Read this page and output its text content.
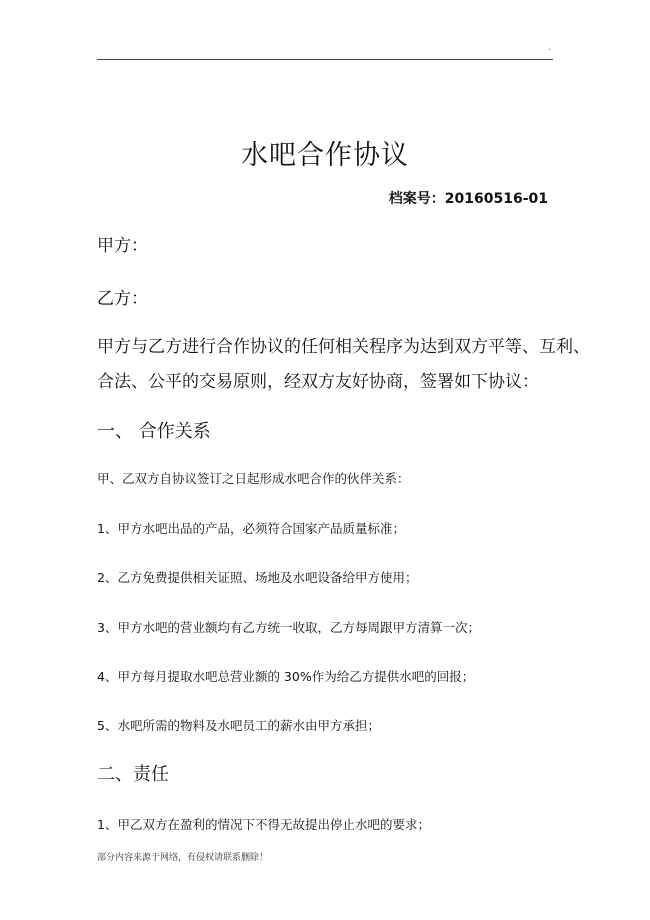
.
水吧合作协议
档案号：20160516-01

甲方：

乙方：

甲方与乙方进行合作协议的任何相关程序为达到双方平等、互利、

合法、公平的交易原则，经双方友好协商，签署如下协议：

一、 合作关系

甲、乙双方自协议签订之日起形成水吧合作的伙伴关系：

1、甲方水吧出品的产品，必须符合国家产品质量标准；

2、乙方免费提供相关证照、场地及水吧设备给甲方使用；

3、甲方水吧的营业额均有乙方统一收取，乙方每周跟甲方清算一次；

4、甲方每月提取水吧总营业额的 30%作为给乙方提供水吧的回报；

5、水吧所需的物料及水吧员工的薪水由甲方承担；

二、责任

1、甲乙双方在盈利的情况下不得无故提出停止水吧的要求；

部分内容来源于网络，有侵权请联系删除！
